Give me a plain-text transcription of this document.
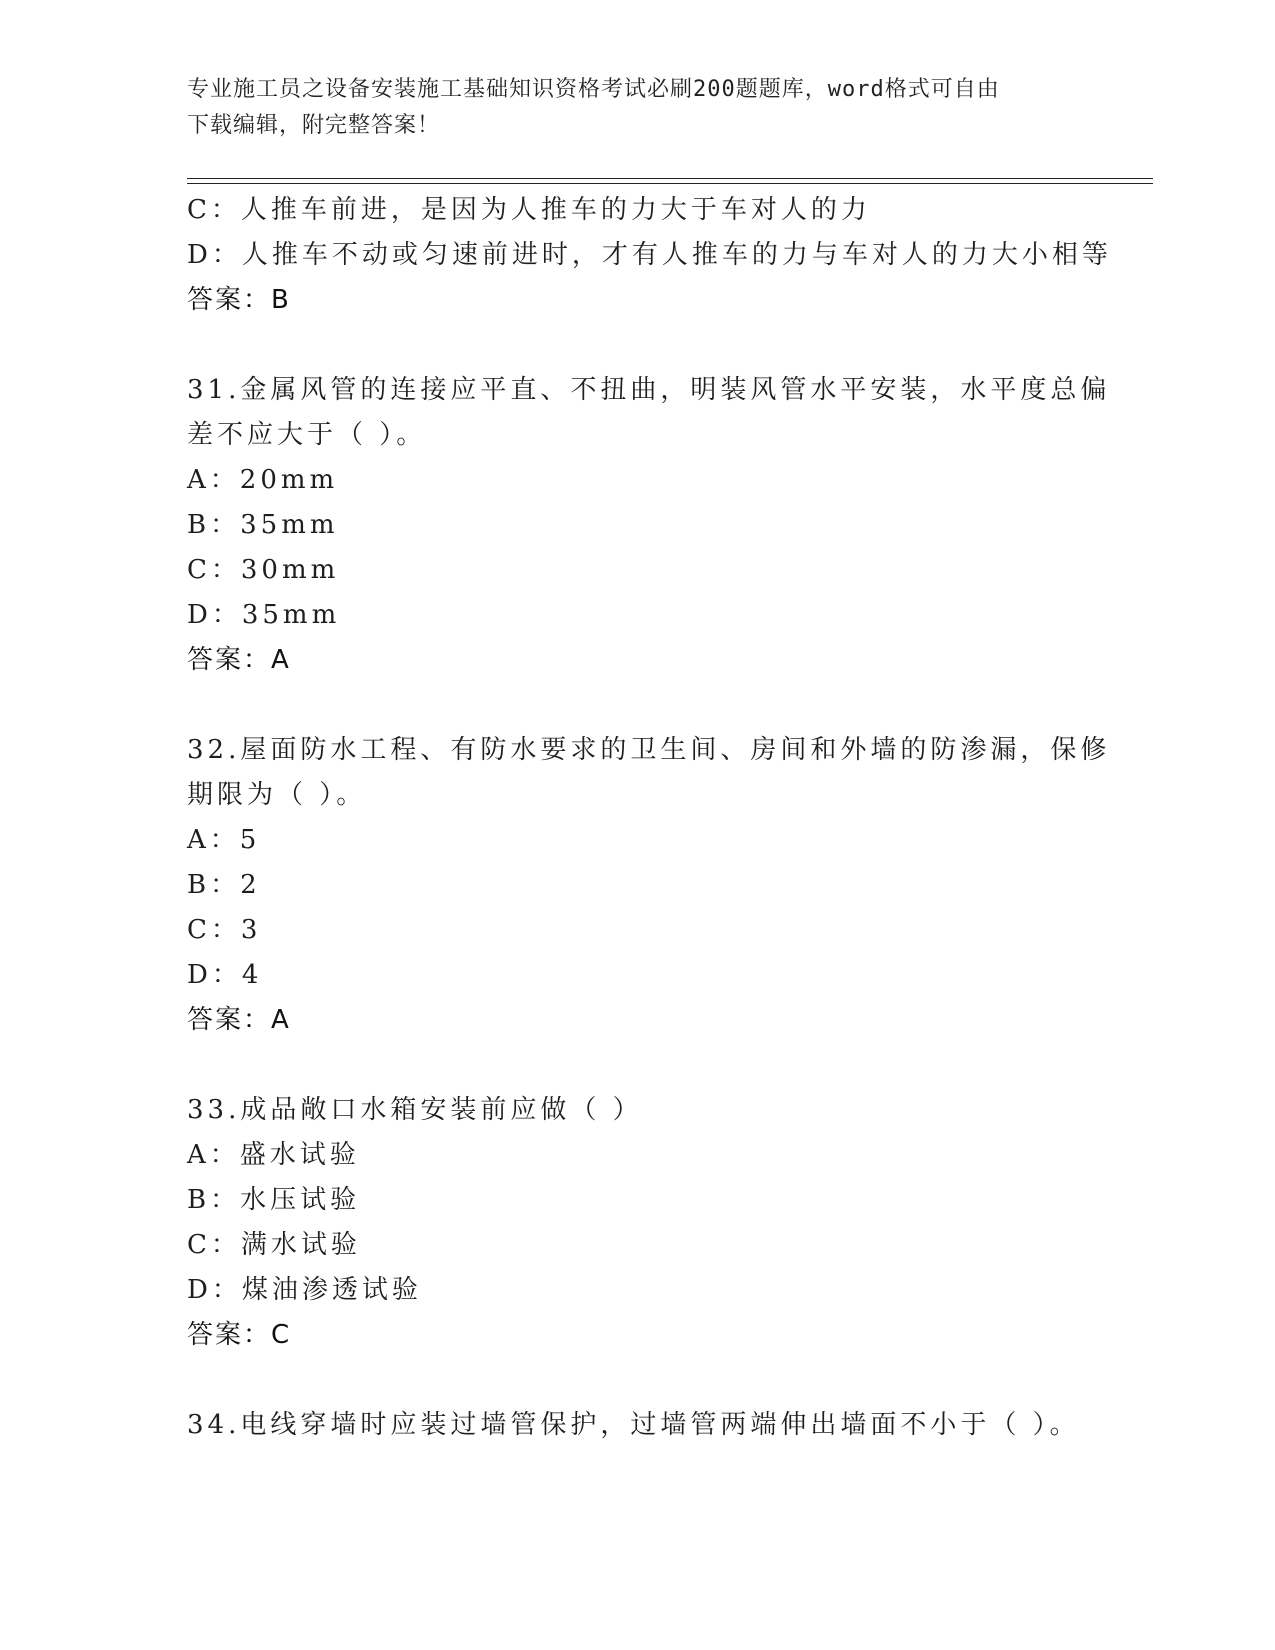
专业施工员之设备安装施工基础知识资格考试必刷200题题库，word格式可自由
下载编辑，附完整答案！
C：人推车前进，是因为人推车的力大于车对人的力
D：人推车不动或匀速前进时，才有人推车的力与车对人的力大小相等
答案：B
31.金属风管的连接应平直、不扭曲，明装风管水平安装，水平度总偏
差不应大于（ ）。
A：20mm
B：35mm
C：30mm
D：35mm
答案：A
32.屋面防水工程、有防水要求的卫生间、房间和外墙的防渗漏，保修
期限为（ ）。
A：5
B：2
C：3
D：4
答案：A
33.成品敞口水箱安装前应做（ ）
A：盛水试验
B：水压试验
C：满水试验
D：煤油渗透试验
答案：C
34.电线穿墙时应装过墙管保护，过墙管两端伸出墙面不小于（ ）。
